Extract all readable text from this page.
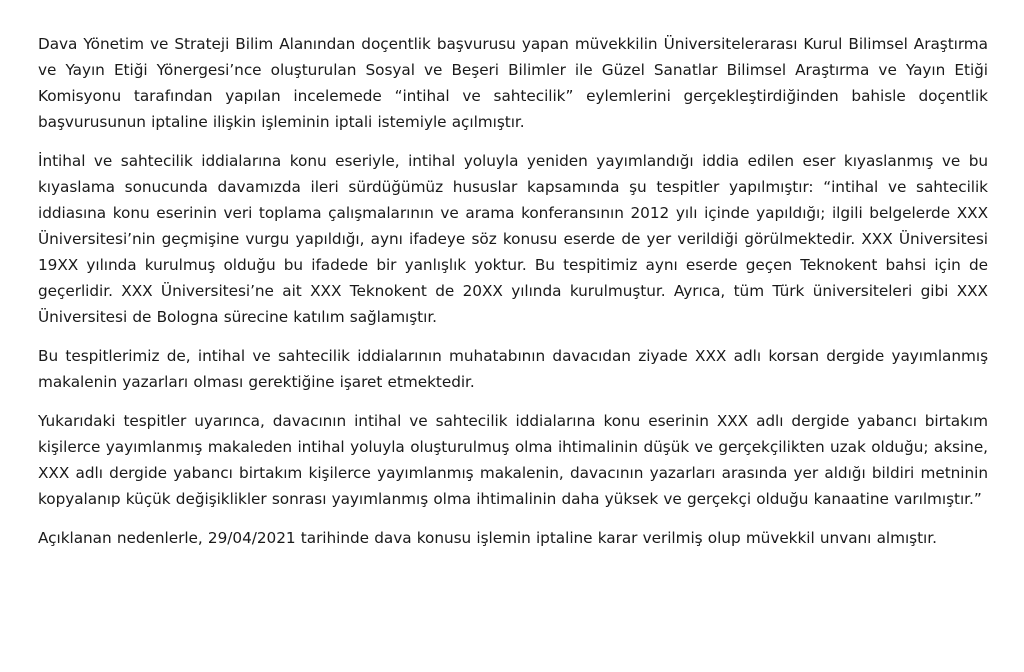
Dava Yönetim ve Strateji Bilim Alanından doçentlik başvurusu yapan müvekkilin Üniversitelerarası Kurul Bilimsel Araştırma ve Yayın Etiği Yönergesi’nce oluşturulan Sosyal ve Beşeri Bilimler ile Güzel Sanatlar Bilimsel Araştırma ve Yayın Etiği Komisyonu tarafından yapılan incelemede “intihal ve sahtecilik” eylemlerini gerçekleştirdiğinden bahisle doçentlik başvurusunun iptaline ilişkin işleminin iptali istemiyle açılmıştır.

İntihal ve sahtecilik iddialarına konu eseriyle, intihal yoluyla yeniden yayımlandığı iddia edilen eser kıyaslanmış ve bu kıyaslama sonucunda davamızda ileri sürdüğümüz hususlar kapsamında şu tespitler yapılmıştır: “intihal ve sahtecilik iddiasına konu eserinin veri toplama çalışmalarının ve arama konferansının 2012 yılı içinde yapıldığı; ilgili belgelerde XXX Üniversitesi’nin geçmişine vurgu yapıldığı, aynı ifadeye söz konusu eserde de yer verildiği görülmektedir. XXX Üniversitesi 19XX yılında kurulmuş olduğu bu ifadede bir yanlışlık yoktur. Bu tespitimiz aynı eserde geçen Teknokent bahsi için de geçerlidir. XXX Üniversitesi’ne ait XXX Teknokent de 20XX yılında kurulmuştur. Ayrıca, tüm Türk üniversiteleri gibi XXX Üniversitesi de Bologna sürecine katılım sağlamıştır.

Bu tespitlerimiz de, intihal ve sahtecilik iddialarının muhatabının davacıdan ziyade XXX adlı korsan dergide yayımlanmış makalenin yazarları olması gerektiğine işaret etmektedir.

Yukarıdaki tespitler uyarınca, davacının intihal ve sahtecilik iddialarına konu eserinin XXX adlı dergide yabancı birtakım kişilerce yayımlanmış makaleden intihal yoluyla oluşturulmuş olma ihtimalinin düşük ve gerçekçilikten uzak olduğu; aksine, XXX adlı dergide yabancı birtakım kişilerce yayımlanmış makalenin, davacının yazarları arasında yer aldığı bildiri metninin kopyalanıp küçük değişiklikler sonrası yayımlanmış olma ihtimalinin daha yüksek ve gerçekçi olduğu kanaatine varılmıştır.”

Açıklanan nedenlerle, 29/04/2021 tarihinde dava konusu işlemin iptaline karar verilmiş olup müvekkil unvanı almıştır.
